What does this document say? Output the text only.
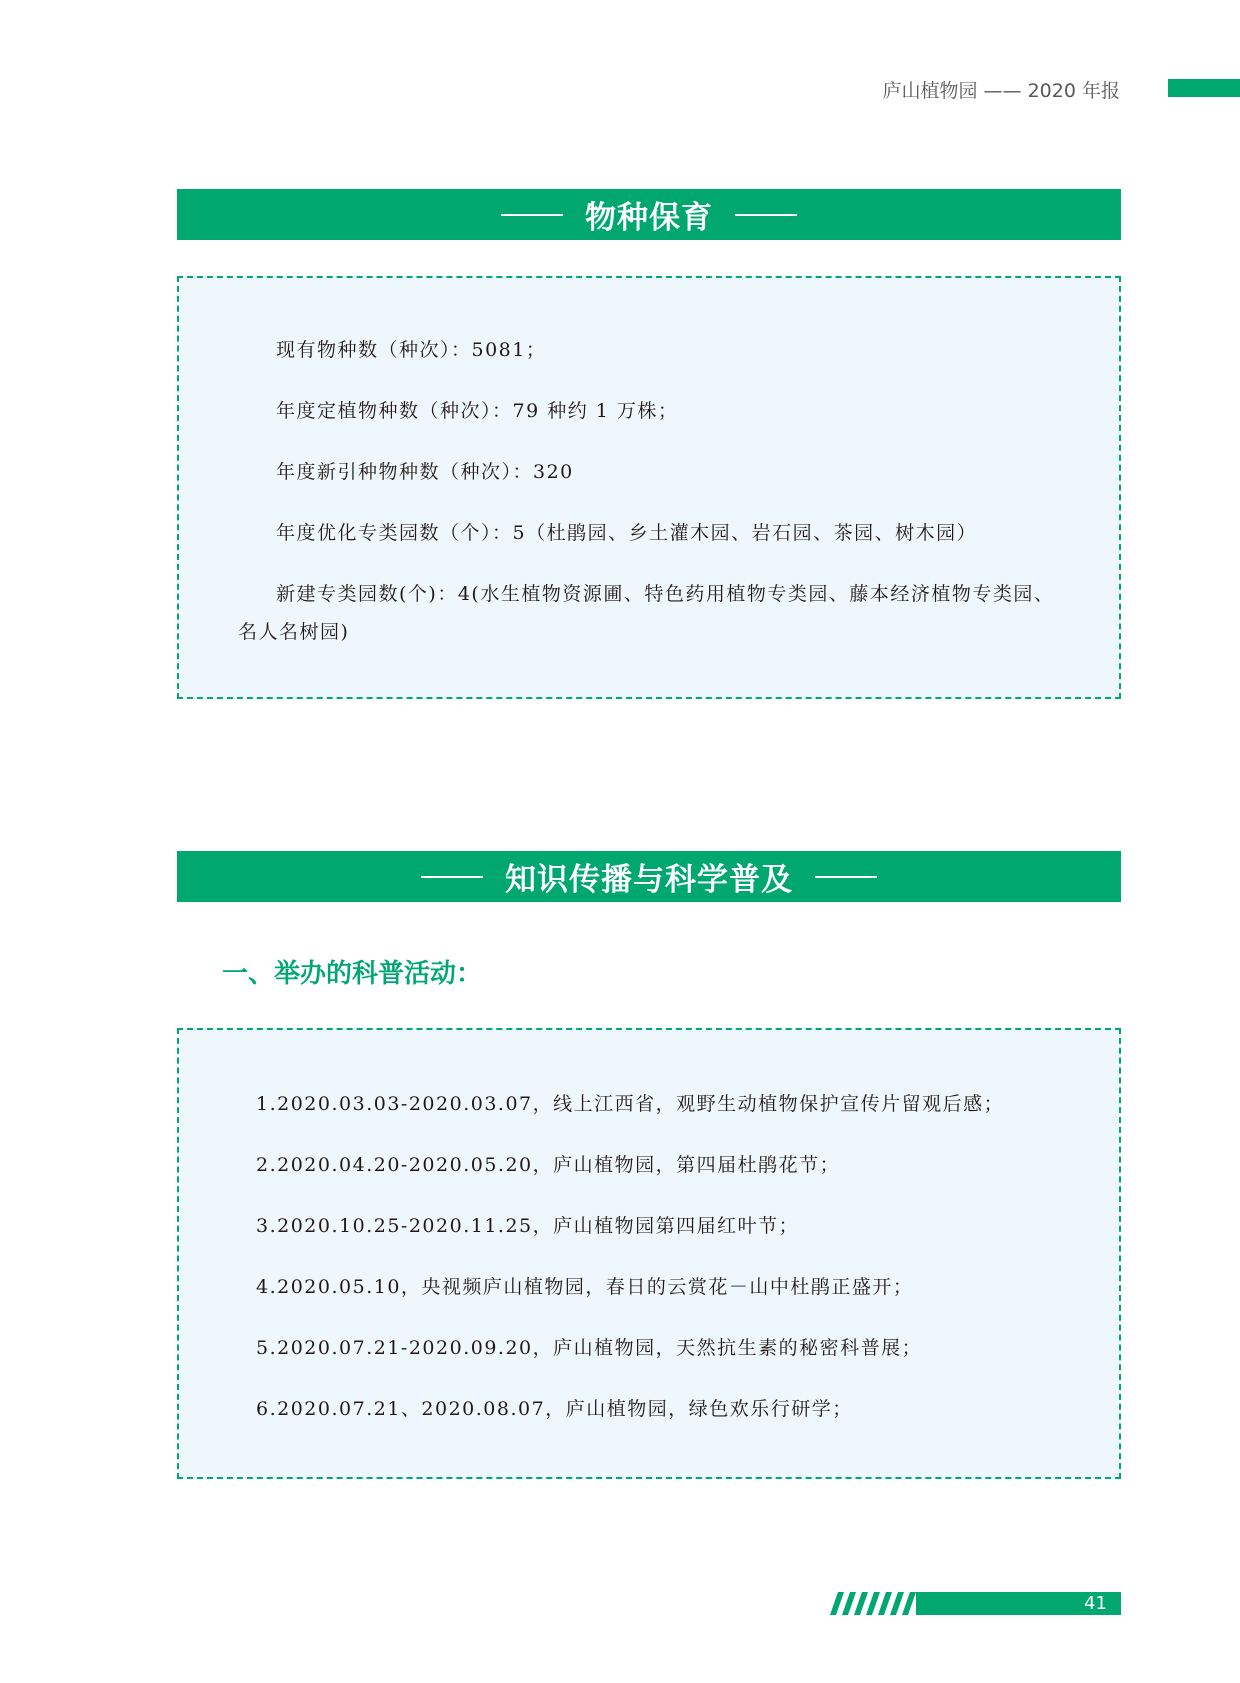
庐山植物园 —— 2020 年报
物种保育

现有物种数（种次）：5081；

年度定植物种数（种次）：79 种约 1 万株；

年度新引种物种数（种次）：320

年度优化专类园数（个）：5（杜鹃园、乡土灌木园、岩石园、茶园、树木园）

新建专类园数(个)：4(水生植物资源圃、特色药用植物专类园、藤本经济植物专类园、名人名树园)

知识传播与科学普及
一、举办的科普活动：

1.2020.03.03-2020.03.07，线上江西省，观野生动植物保护宣传片留观后感；

2.2020.04.20-2020.05.20，庐山植物园，第四届杜鹃花节；

3.2020.10.25-2020.11.25，庐山植物园第四届红叶节；

4.2020.05.10，央视频庐山植物园，春日的云赏花－山中杜鹃正盛开；

5.2020.07.21-2020.09.20，庐山植物园，天然抗生素的秘密科普展；

6.2020.07.21、2020.08.07，庐山植物园，绿色欢乐行研学；

41
